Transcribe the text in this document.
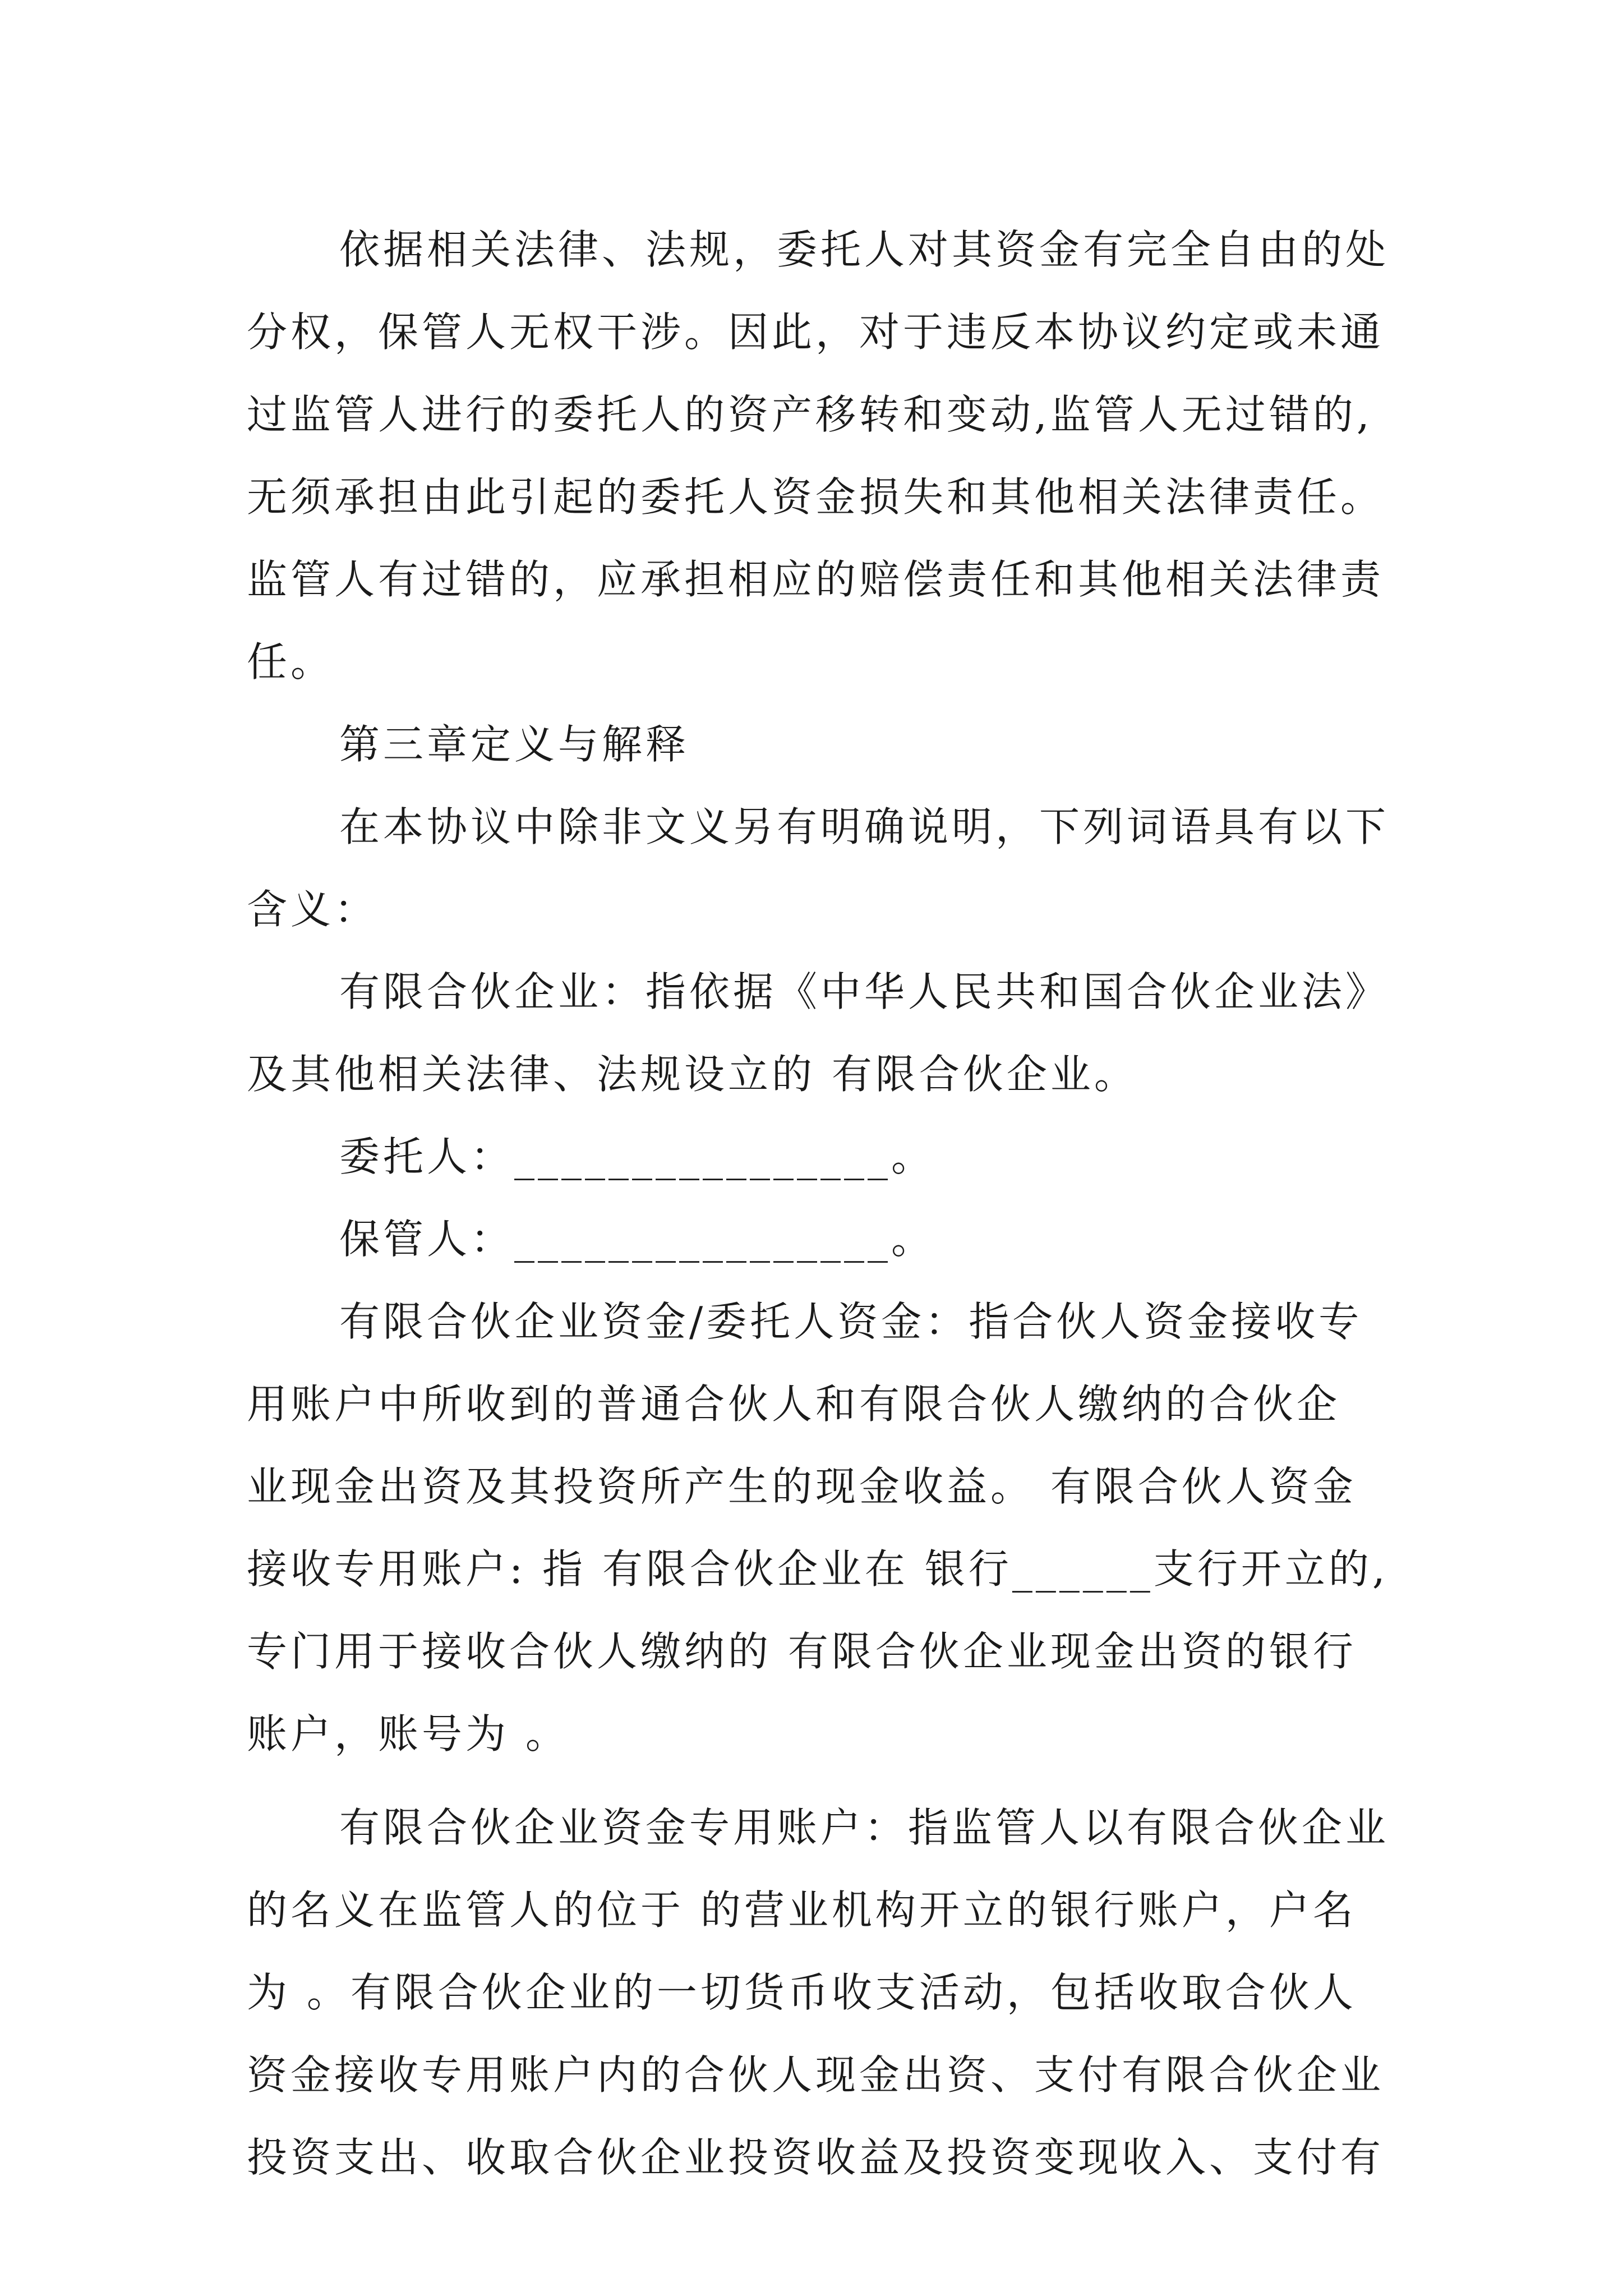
依据相关法律、法规，委托人对其资金有完全自由的处
分权，保管人无权干涉。因此，对于违反本协议约定或未通
过监管人进行的委托人的资产移转和变动,监管人无过错的,
无须承担由此引起的委托人资金损失和其他相关法律责任。
监管人有过错的，应承担相应的赔偿责任和其他相关法律责
任。
第三章定义与解释
在本协议中除非文义另有明确说明，下列词语具有以下
含义：
有限合伙企业：指依据《中华人民共和国合伙企业法》
及其他相关法律、法规设立的 有限合伙企业。
委托人：________________。
保管人：________________。
有限合伙企业资金/委托人资金：指合伙人资金接收专
用账户中所收到的普通合伙人和有限合伙人缴纳的合伙企
业现金出资及其投资所产生的现金收益。 有限合伙人资金
接收专用账户: 指 有限合伙企业在 银行______支行开立的,
专门用于接收合伙人缴纳的 有限合伙企业现金出资的银行
账户，账号为 。
有限合伙企业资金专用账户：指监管人以有限合伙企业
的名义在监管人的位于 的营业机构开立的银行账户，户名
为 。有限合伙企业的一切货币收支活动，包括收取合伙人
资金接收专用账户内的合伙人现金出资、支付有限合伙企业
投资支出、收取合伙企业投资收益及投资变现收入、支付有
